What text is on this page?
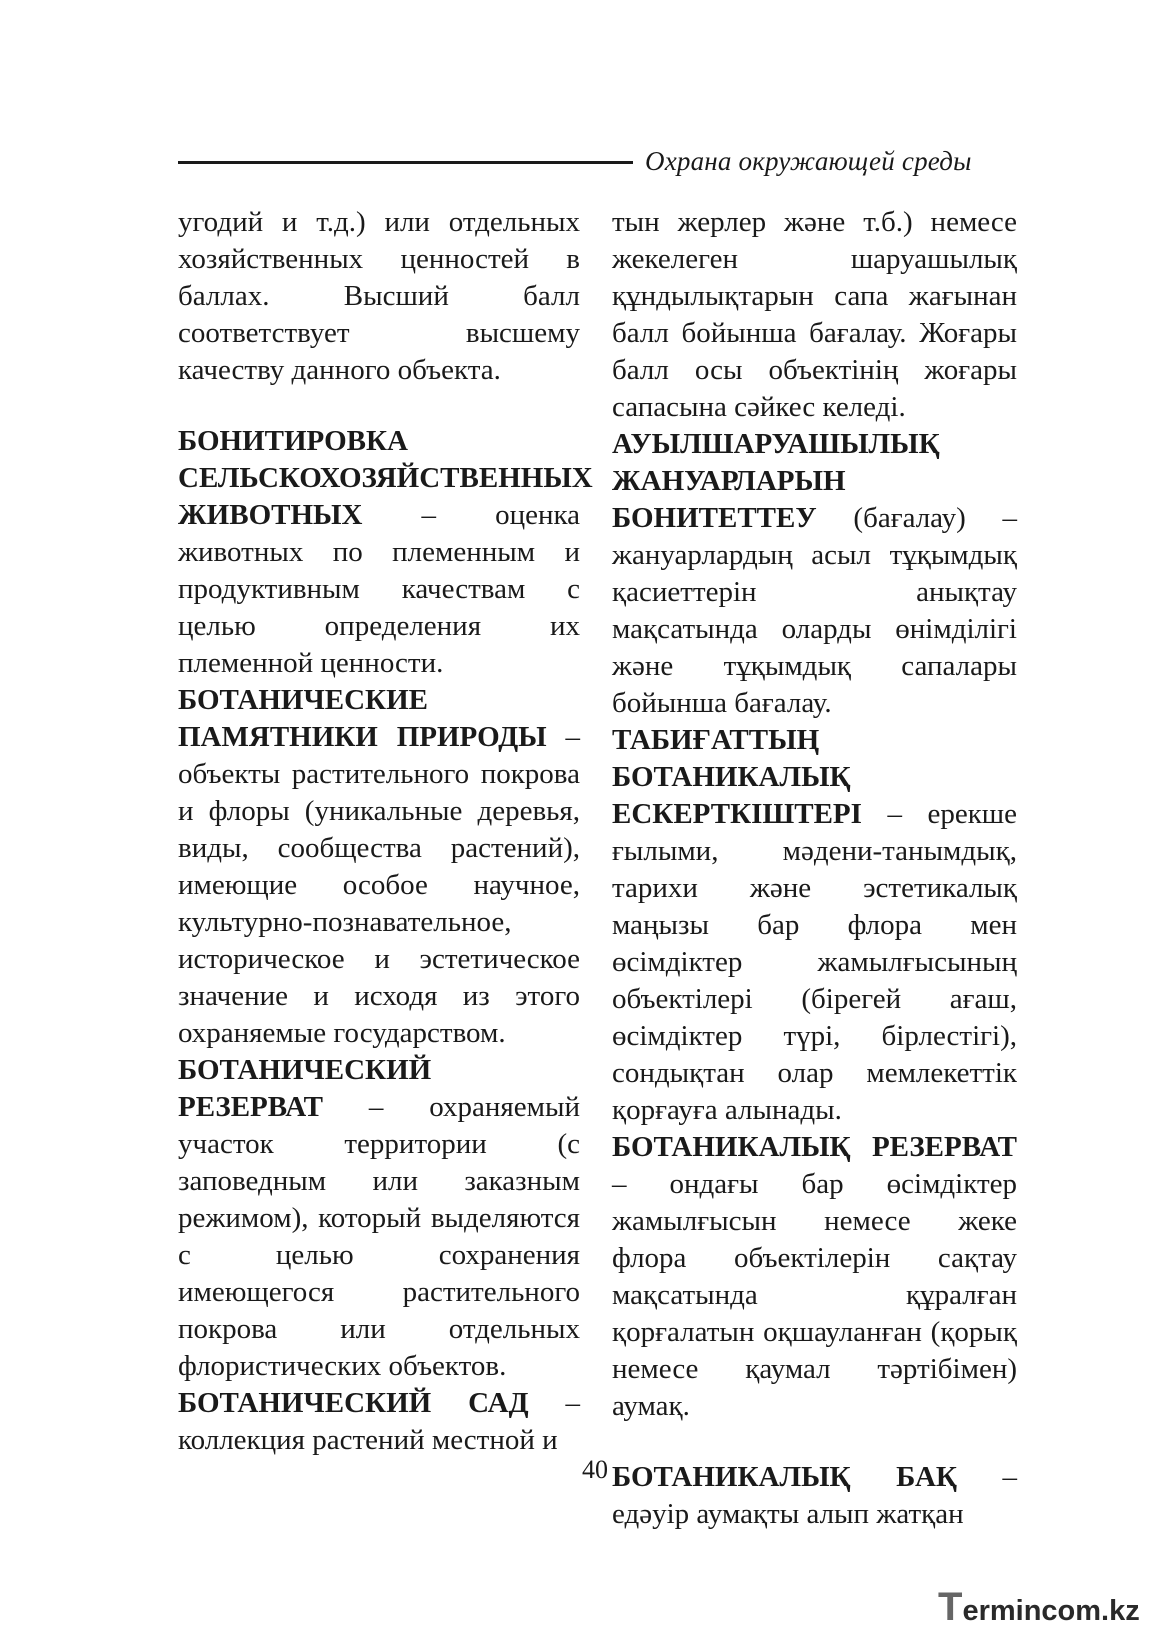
Охрана окружающей среды

угодий и т.д.) или отдельных хозяйственных ценностей в баллах. Высший балл соответствует высшему качеству данного объекта.

БОНИТИРОВКА СЕЛЬСКОХОЗЯЙСТВЕННЫХ ЖИВОТНЫХ – оценка животных по племенным и продуктивным качествам с целью определения их племенной ценности.

БОТАНИЧЕСКИЕ ПАМЯТНИКИ ПРИРОДЫ – объекты растительного покрова и флоры (уникальные деревья, виды, сообщества растений), имеющие особое научное, культурно-познавательное, историческое и эстетическое значение и исходя из этого охраняемые государством.

БОТАНИЧЕСКИЙ РЕЗЕРВАТ – охраняемый участок территории (с заповедным или заказным режимом), который выделяются с целью сохранения имеющегося растительного покрова или отдельных флористических объектов.

БОТАНИЧЕСКИЙ САД – коллекция растений местной и

тын жерлер және т.б.) немесе жекелеген шаруашылық құндылықтарын сапа жағынан балл бойынша бағалау. Жоғары балл осы объектінің жоғары сапасына сәйкес келеді.

АУЫЛШАРУАШЫЛЫҚ ЖАНУАРЛАРЫН БОНИТЕТТЕУ (бағалау) – жануарлардың асыл тұқымдық қасиеттерін анықтау мақсатында оларды өнімділігі және тұқымдық сапалары бойынша бағалау.

ТАБИҒАТТЫҢ БОТАНИКАЛЫҚ ЕСКЕРТКІШТЕРІ – ерекше ғылыми, мәдени-танымдық, тарихи және эстетикалық маңызы бар флора мен өсімдіктер жамылғысының объектілері (бірегей ағаш, өсімдіктер түрі, бірлестігі), сондықтан олар мемлекеттік қорғауға алынады.

БОТАНИКАЛЫҚ РЕЗЕРВАТ – ондағы бар өсімдіктер жамылғысын немесе жеке флора объектілерін сақтау мақсатында құралған қорғалатын оқшауланған (қорық немесе қаумал тәртібімен) аумақ.

БОТАНИКАЛЫҚ БАҚ – едәуір аумақты алып жатқан

40
Termincom.kz
